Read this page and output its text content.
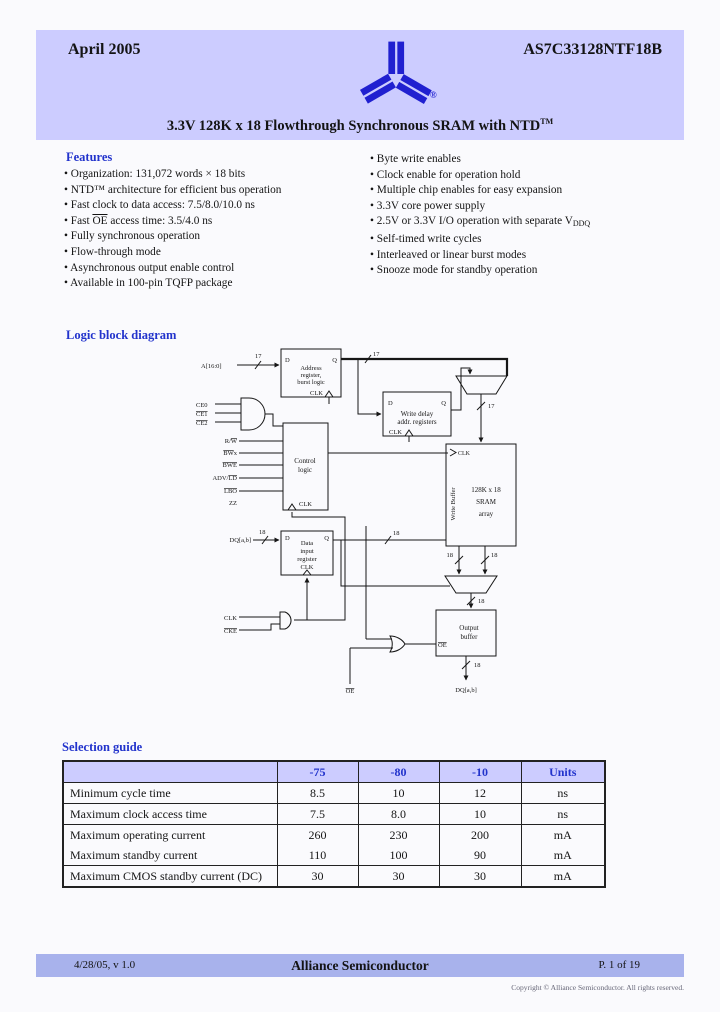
April 2005	AS7C33128NTF18B
®
3.3V 128K x 18 Flowthrough Synchronous SRAM with NTD™
Features
• Organization: 131,072 words × 18 bits
• NTD™ architecture for efficient bus operation
• Fast clock to data access: 7.5/8.0/10.0 ns
• Fast $\overline{OE}$ access time: 3.5/4.0 ns
• Fully synchronous operation
• Flow-through mode
• Asynchronous output enable control
• Available in 100-pin TQFP package
• Byte write enables
• Clock enable for operation hold
• Multiple chip enables for easy expansion
• 3.3V core power supply
• 2.5V or 3.3V I/O operation with separate VDDQ
• Self-timed write cycles
• Interleaved or linear burst modes
• Snooze mode for standby operation
Logic block diagram
A[16:0]
17
D	Q
Address
register,
burst logic
CLK
17
D	Q
Write delay
addr. registers
CLK
17
CE0
CE1
CE2
Control
logic
CLK
R/W
BWx
BWE
ADV/LD
LBO
ZZ
CLK
128K x 18
SRAM
array
Write Buffer
DQ[a,b]
18
D	Q
Data
input
register
CLK
18
18	18
18
Output
buffer
OE
OE
CLK
CKE
18
DQ[a,b]
Selection guide
	-75	-80	-10	Units
Minimum cycle time	8.5	10	12	ns
Maximum clock access time	7.5	8.0	10	ns
Maximum operating current	260	230	200	mA
Maximum standby current	110	100	90	mA
Maximum CMOS standby current (DC)	30	30	30	mA
4/28/05, v 1.0	Alliance Semiconductor	P. 1 of 19
Copyright © Alliance Semiconductor. All rights reserved.
